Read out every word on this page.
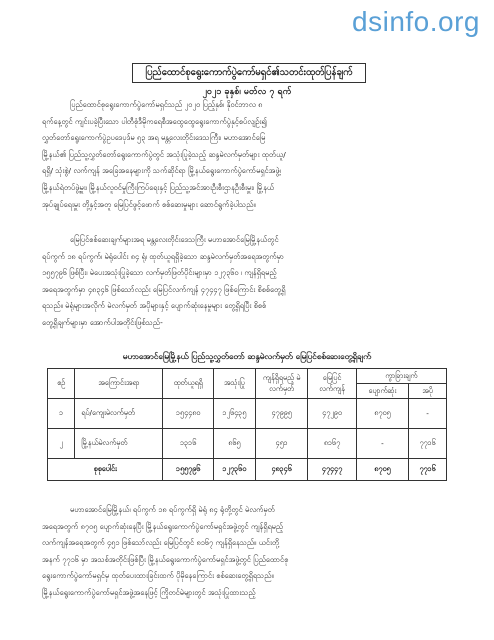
dsinfo.org
ပြည်ထောင်စုရွေးကောက်ပွဲကော်မရှင်၏သတင်းထုတ်ပြန်ချက်
၂၀၂၁ ခုနှစ်၊ မတ်လ ၇ ရက်
ပြည်ထောင်စုရွေးကောက်ပွဲကော်မရှင်သည် ၂၀၂၀ ပြည့်နှစ်၊ နိုဝင်ဘာလ ၈
ရက်နေ့တွင် ကျင်းပခဲ့ပြီးသော ပါတီစုံဒီမိုကရေစီအထွေထွေရွေးကောက်ပွဲနှင့်စပ်လျဉ်း၍
လွှတ်တော်ရွေးကောက်ပွဲဥပဒေပုဒ်မ ၅၃ အရ မန္တလေးတိုင်းဒေသကြီး၊ မဟာအောင်မြေ
မြို့နယ်၏ ပြည်သူ့လွှတ်တော်ရွေးကောက်ပွဲတွင် အသုံးပြုခဲ့သည့် ဆန္ဒမဲလက်မှတ်များ ထုတ်ယူ/
ရရှိ/ သုံးစွဲ/ လက်ကျန် အခြေအနေများကို သက်ဆိုင်ရာ မြို့နယ်ရွေးကောက်ပွဲကော်မရှင်အဖွဲ့၊
မြို့နယ်ရဲတပ်ဖွဲ့မှူး၊ မြို့နယ်လူဝင်မှုကြီးကြပ်ရေးနှင့် ပြည်သူ့အင်အားဦးစီးဌာနဦးစီးမှူး၊ မြို့နယ်
အုပ်ချုပ်ရေးမှူး တို့နှင့်အတူ မြေပြင်ဖွင့်ဖောက် စစ်ဆေးမှုများ ဆောင်ရွက်ခဲ့ပါသည်။
မြေပြင်စစ်ဆေးချက်များအရ မန္တလေးတိုင်းဒေသကြီး မဟာအောင်မြေမြို့နယ်တွင်
ရပ်ကွက် ၁၈ ရပ်ကွက်၊ မဲရုံပေါင်း ၈၄ ရုံ၊ ထုတ်ယူရရှိခဲ့သော ဆန္ဒမဲလက်မှတ်အရေအတွက်မှာ
၁၅၅၇၉၆ ဖြစ်ပြီး၊ မဲပေးအသုံးပြုခဲ့သော လက်မှတ်ဖြတ်ပိုင်းများမှာ ၁၂၇၃၆၀ ၊ ကျန်ရှိရမည့်
အရေအတွက်မှာ ၄၈၃၄၆ ဖြစ်သော်လည်း မြေပြင်လက်ကျန် ၄၇၄၄၇ ဖြစ်ကြောင်း စိစစ်တွေ့ရှိ
ရသည်။ မဲရုံများအလိုက် မဲလက်မှတ် အပိုများနှင့် ပျောက်ဆုံးနေမှုများ တွေ့ရှိရပြီး စိစစ်
တွေ့ရှိချက်များမှာ အောက်ပါအတိုင်းဖြစ်သည်-
မဟာအောင်မြေမြို့နယ် ပြည်သူ့လွှတ်တော် ဆန္ဒမဲလက်မှတ် မြေပြင်စစ်ဆေးတွေ့ရှိချက်
စဉ်	အကြောင်းအရာ	ထုတ်ယူရရှိ	အသုံးပြု	ကျန်ရှိရမည့် မဲလက်မှတ်	မြေပြင် လက်ကျန်	ကွာခြားချက်	
						ပျောက်ဆုံး	အပို
၁	ရပ်/ကျေးမဲလက်မှတ်	၁၅၄၄၈၀	၁၂၆၄၃၅	၄၇၉၉၅	၄၇၂၉၀	၈၇၀၅	-
၂	မြို့နယ်မဲလက်မှတ်	၁၃၁၆	၈၆၅	၄၅၁	၈၁၆၇	-	၇၇၁၆
စုစုပေါင်း		၁၅၅၇၉၆	၁၂၇၃၆၀	၄၈၃၄၆	၄၇၄၄၇	၈၇၀၅	၇၇၁၆
မဟာအောင်မြေမြို့နယ်၊ ရပ်ကွက် ၁၈ ရပ်ကွက်ရှိ မဲရုံ ၈၄ ရုံတို့တွင် မဲလက်မှတ်
အရေအတွက် ၈၇၀၅ ပျောက်ဆုံးနေပြီး မြို့နယ်ရွေးကောက်ပွဲကော်မရှင်အဖွဲ့တွင် ကျန်ရှိရမည့်
လက်ကျန်အရေအတွက် ၄၅၁ ဖြစ်သော်လည်း မြေပြင်တွင် ၈၁၆၇ ကျန်ရှိနေသည်။ ယင်းတို့
အနက် ၇၇၁၆ မှာ အသစ်အတိုင်းဖြစ်ပြီး မြို့နယ်ရွေးကောက်ပွဲကော်မရှင်အဖွဲ့တွင် ပြည်ထောင်စု
ရွေးကောက်ပွဲကော်မရှင်မှ ထုတ်ပေးထားခြင်းထက် ပိုမိုနေကြောင်း စစ်ဆေးတွေ့ရှိရသည်။
မြို့နယ်ရွေးကောက်ပွဲကော်မရှင်အဖွဲ့အနေဖြင့် ကြိုတင်မဲများတွင် အသုံးပြုထားသည့်
